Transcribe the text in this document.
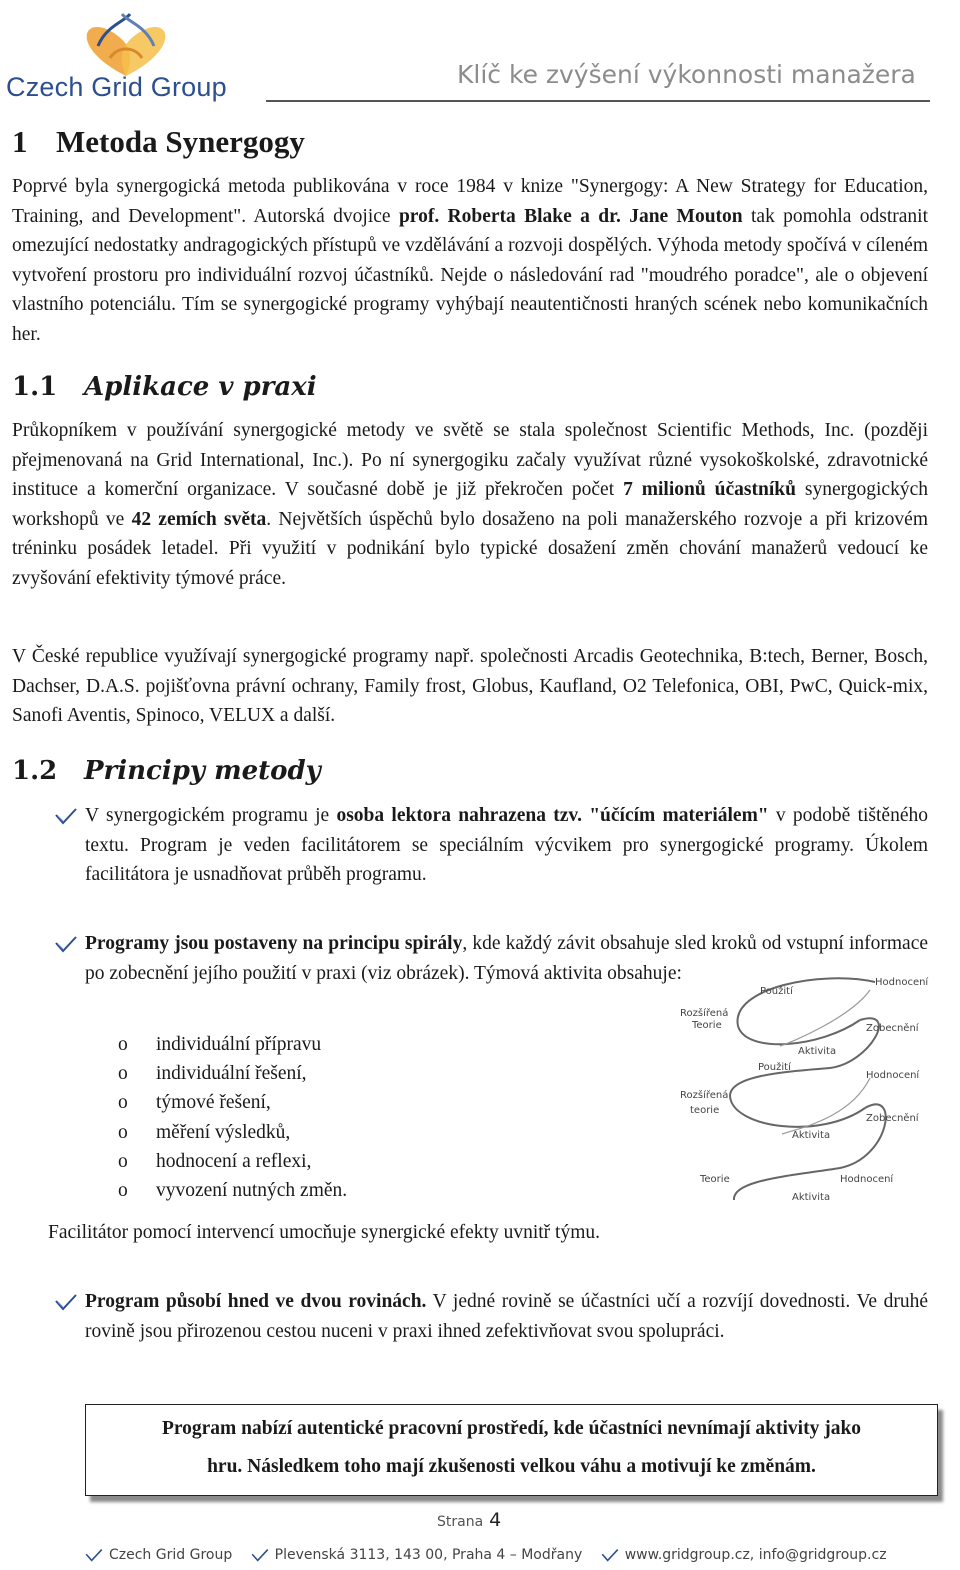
Czech Grid Group	Klíč ke zvýšení výkonnosti manažera
1 Metoda Synergogy
Poprvé byla synergogická metoda publikována v roce 1984 v knize "Synergogy: A New Strategy for Education, Training, and Development". Autorská dvojice prof. Roberta Blake a dr. Jane Mouton tak pomohla odstranit omezující nedostatky andragogických přístupů ve vzdělávání a rozvoji dospělých. Výhoda metody spočívá v cíleném vytvoření prostoru pro individuální rozvoj účastníků. Nejde o následování rad "moudrého poradce", ale o objevení vlastního potenciálu. Tím se synergogické programy vyhýbají neautentičnosti hraných scének nebo komunikačních her.
1.1 Aplikace v praxi
Průkopníkem v používání synergogické metody ve světě se stala společnost Scientific Methods, Inc. (později přejmenovaná na Grid International, Inc.). Po ní synergogiku začaly využívat různé vysokoškolské, zdravotnické instituce a komerční organizace. V současné době je již překročen počet 7 milionů účastníků synergogických workshopů ve 42 zemích světa. Největších úspěchů bylo dosaženo na poli manažerského rozvoje a při krizovém tréninku posádek letadel. Při využití v podnikání bylo typické dosažení změn chování manažerů vedoucí ke zvyšování efektivity týmové práce.
V České republice využívají synergogické programy např. společnosti Arcadis Geotechnika, B:tech, Berner, Bosch, Dachser, D.A.S. pojišťovna právní ochrany, Family frost, Globus, Kaufland, O2 Telefonica, OBI, PwC, Quick-mix, Sanofi Aventis, Spinoco, VELUX a další.
1.2 Principy metody
V synergogickém programu je osoba lektora nahrazena tzv. "účícím materiálem" v podobě tištěného textu. Program je veden facilitátorem se speciálním výcvikem pro synergogické programy. Úkolem facilitátora je usnadňovat průběh programu.
Programy jsou postaveny na principu spirály, kde každý závit obsahuje sled kroků od vstupní informace po zobecnění jejího použití v praxi (viz obrázek). Týmová aktivita obsahuje:
o individuální přípravu
o individuální řešení,
o týmové řešení,
o měření výsledků,
o hodnocení a reflexi,
o vyvození nutných změn.
Použití
Hodnocení
Rozšířená
Teorie	Zobecnění
Aktivita
Použití
Hodnocení
Rozšířená
teorie
Zobecnění
Aktivita
Teorie	Hodnocení
Aktivita
Facilitátor pomocí intervencí umocňuje synergické efekty uvnitř týmu.
Program působí hned ve dvou rovinách. V jedné rovině se účastníci učí a rozvíjí dovednosti. Ve druhé rovině jsou přirozenou cestou nuceni v praxi ihned zefektivňovat svou spolupráci.
Program nabízí autentické pracovní prostředí, kde účastníci nevnímají aktivity jako
hru. Následkem toho mají zkušenosti velkou váhu a motivují ke změnám.
Strana 4
Czech Grid Group	Plevenská 3113, 143 00, Praha 4 – Modřany	www.gridgroup.cz, info@gridgroup.cz
